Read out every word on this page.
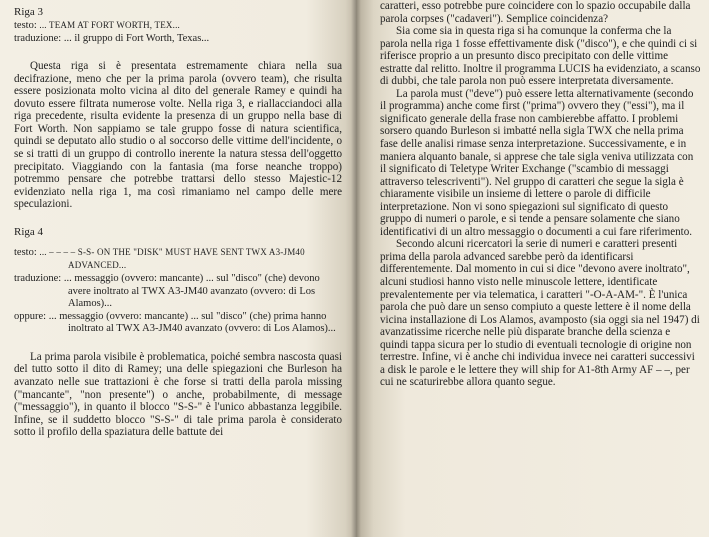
Riga 3
testo: ... TEAM AT FORT WORTH, TEX...
traduzione: ... il gruppo di Fort Worth, Texas...

Questa riga si è presentata estremamente chiara nella sua decifrazione, meno che per la prima parola (ovvero team), che risulta essere posizionata molto vicina al dito del generale Ramey e quindi ha dovuto essere filtrata numerose volte. Nella riga 3, e riallacciandoci alla riga precedente, risulta evidente la presenza di un gruppo nella base di Fort Worth. Non sappiamo se tale gruppo fosse di natura scientifica, quindi se deputato allo studio o al soccorso delle vittime dell'incidente, o se si tratti di un gruppo di controllo inerente la natura stessa dell'oggetto precipitato. Viaggiando con la fantasia (ma forse neanche troppo) potremmo pensare che potrebbe trattarsi dello stesso Majestic-12 evidenziato nella riga 1, ma così rimaniamo nel campo delle mere speculazioni.

Riga 4
testo: ... – – – – S-S- ON THE "DISK" MUST HAVE SENT TWX A3-JM40 ADVANCED...
traduzione: ... messaggio (ovvero: mancante) ... sul "disco" (che) devono avere inoltrato al TWX A3-JM40 avanzato (ovvero: di Los Alamos)...
oppure: ... messaggio (ovvero: mancante) ... sul "disco" (che) prima hanno inoltrato al TWX A3-JM40 avanzato (ovvero: di Los Alamos)...

La prima parola visibile è problematica, poiché sembra nascosta quasi del tutto sotto il dito di Ramey; una delle spiegazioni che Burleson ha avanzato nelle sue trattazioni è che forse si tratti della parola missing ("mancante", "non presente") o anche, probabilmente, di message ("messaggio"), in quanto il blocco "S-S-" è l'unico abbastanza leggibile. Infine, se il suddetto blocco "S-S-" di tale prima parola è considerato sotto il profilo della spaziatura delle battute dei

caratteri, esso potrebbe pure coincidere con lo spazio occupabile dalla parola corpses ("cadaveri"). Semplice coincidenza?

Sia come sia in questa riga si ha comunque la conferma che la parola nella riga 1 fosse effettivamente disk ("disco"), e che quindi ci si riferisce proprio a un presunto disco precipitato con delle vittime estratte dal relitto. Inoltre il programma LUCIS ha evidenziato, a scanso di dubbi, che tale parola non può essere interpretata diversamente.

La parola must ("deve") può essere letta alternativamente (secondo il programma) anche come first ("prima") ovvero they ("essi"), ma il significato generale della frase non cambierebbe affatto. I problemi sorsero quando Burleson si imbatté nella sigla TWX che nella prima fase delle analisi rimase senza interpretazione. Successivamente, e in maniera alquanto banale, si apprese che tale sigla veniva utilizzata con il significato di Teletype Writer Exchange ("scambio di messaggi attraverso telescriventi"). Nel gruppo di caratteri che segue la sigla è chiaramente visibile un insieme di lettere o parole di difficile interpretazione. Non vi sono spiegazioni sul significato di questo gruppo di numeri o parole, e si tende a pensare solamente che siano identificativi di un altro messaggio o documenti a cui fare riferimento.

Secondo alcuni ricercatori la serie di numeri e caratteri presenti prima della parola advanced sarebbe però da identificarsi differentemente. Dal momento in cui si dice "devono avere inoltrato", alcuni studiosi hanno visto nelle minuscole lettere, identificate prevalentemente per via telematica, i caratteri "-O-A-AM-". È l'unica parola che può dare un senso compiuto a queste lettere è il nome della vicina installazione di Los Alamos, avamposto (sia oggi sia nel 1947) di avanzatissime ricerche nelle più disparate branche della scienza e quindi tappa sicura per lo studio di eventuali tecnologie di origine non terrestre. Infine, vi è anche chi individua invece nei caratteri successivi a disk le parole e le lettere they will ship for A1-8th Army AF – –, per cui ne scaturirebbe allora quanto segue.
